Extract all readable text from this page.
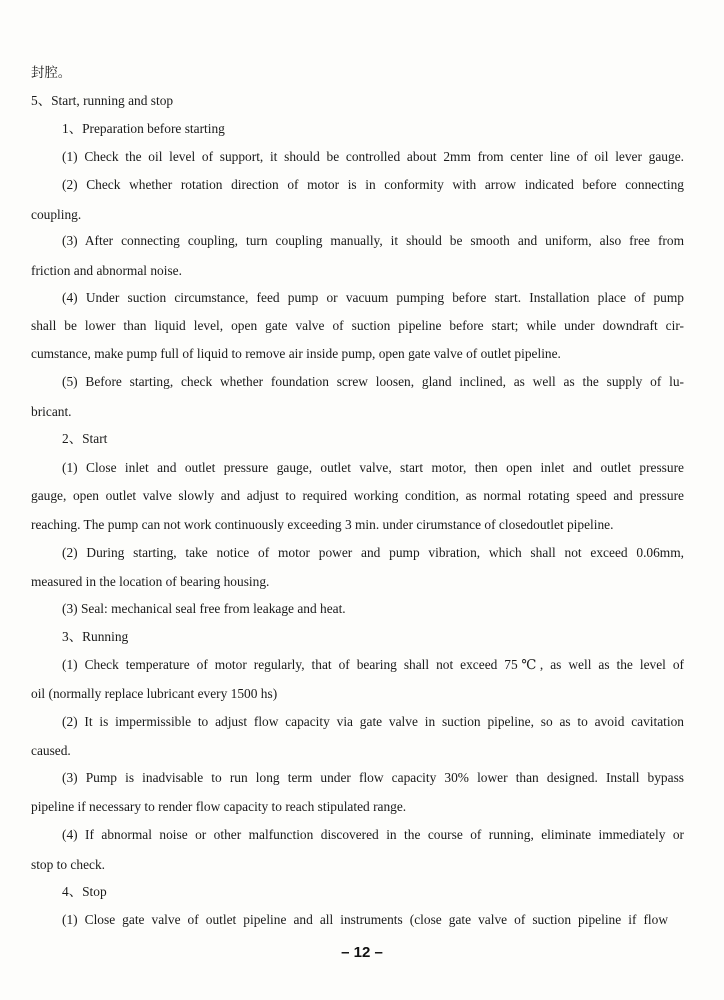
封腔。
5、Start, running and stop
1、Preparation before starting
(1) Check the oil level of support, it should be controlled about 2mm from center line of oil lever gauge.
(2) Check whether rotation direction of motor is in conformity with arrow indicated before connecting
coupling.
(3) After connecting coupling, turn coupling manually, it should be smooth and uniform, also free from
friction and abnormal noise.
(4) Under suction circumstance, feed pump or vacuum pumping before start. Installation place of pump
shall be lower than liquid level, open gate valve of suction pipeline before start; while under downdraft cir-
cumstance, make pump full of liquid to remove air inside pump, open gate valve of outlet pipeline.
(5) Before starting, check whether foundation screw loosen, gland inclined, as well as the supply of lu-
bricant.
2、Start
(1) Close inlet and outlet pressure gauge, outlet valve, start motor, then open inlet and outlet pressure
gauge, open outlet valve slowly and adjust to required working condition, as normal rotating speed and pressure
reaching. The pump can not work continuously exceeding 3 min. under cirumstance of closedoutlet pipeline.
(2) During starting, take notice of motor power and pump vibration, which shall not exceed 0.06mm,
measured in the location of bearing housing.
(3) Seal: mechanical seal free from leakage and heat.
3、Running
(1) Check temperature of motor regularly, that of bearing shall not exceed 75℃, as well as the level of
oil (normally replace lubricant every 1500 hs)
(2) It is impermissible to adjust flow capacity via gate valve in suction pipeline, so as to avoid cavitation
caused.
(3) Pump is inadvisable to run long term under flow capacity 30% lower than designed. Install bypass
pipeline if necessary to render flow capacity to reach stipulated range.
(4) If abnormal noise or other malfunction discovered in the course of running, eliminate immediately or
stop to check.
4、Stop
(1) Close gate valve of outlet pipeline and all instruments (close gate valve of suction pipeline if flow
– 12 –
